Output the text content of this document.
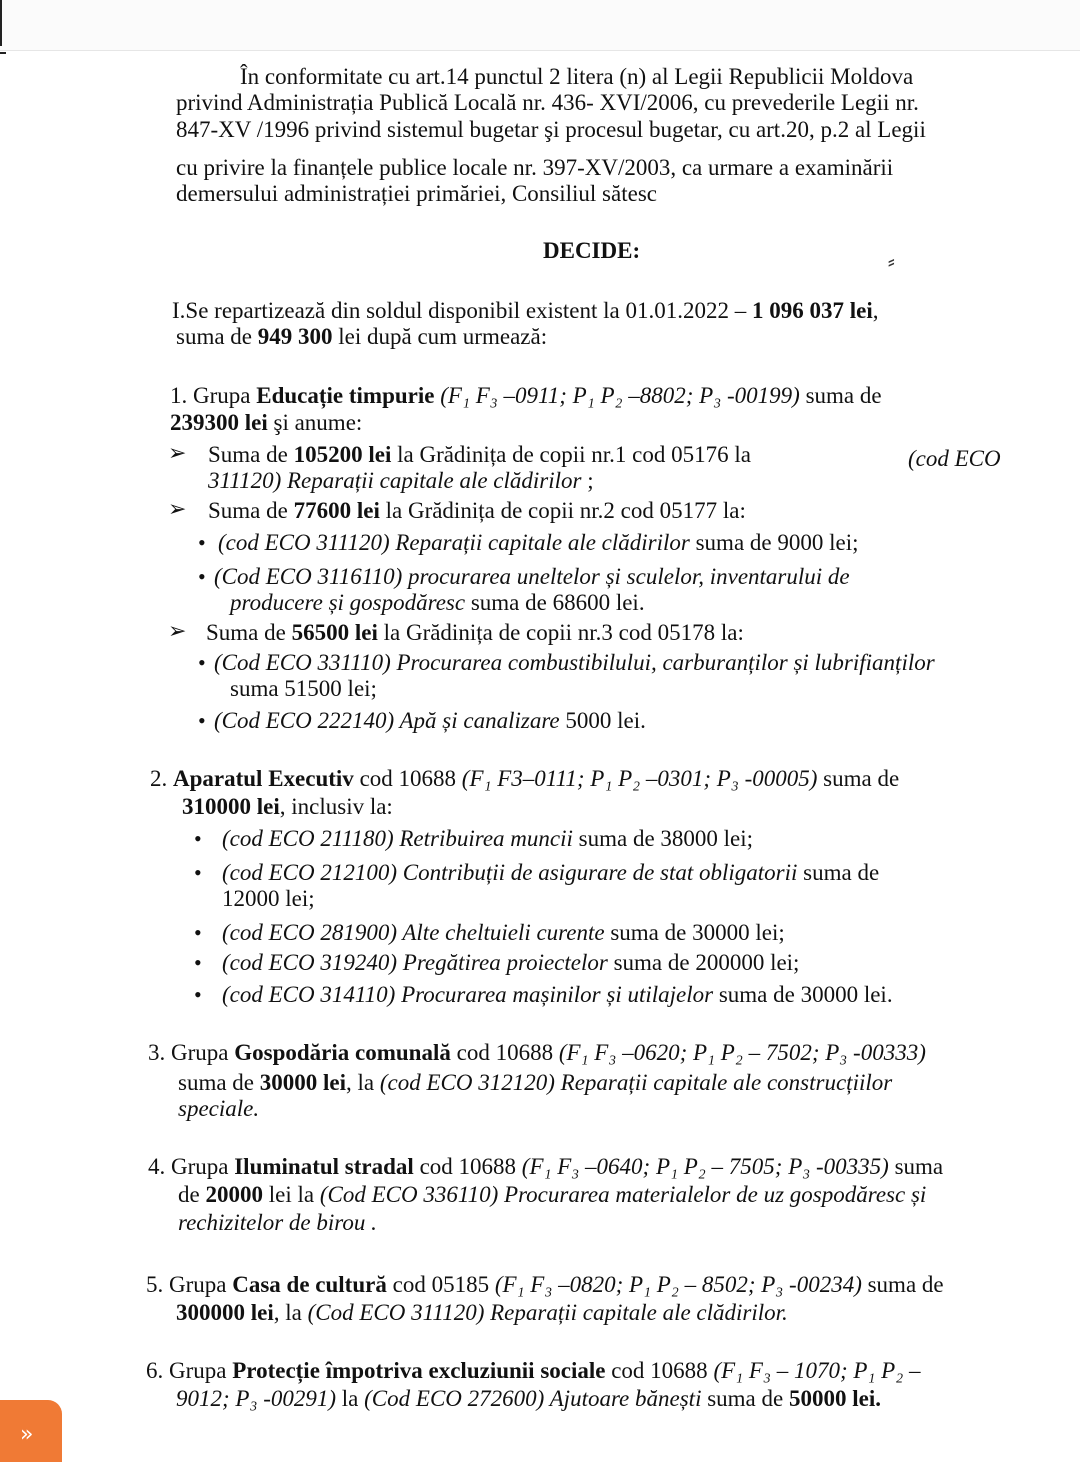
În conformitate cu art.14 punctul 2 litera (n) al Legii Republicii Moldova

privind Administrația Publică Locală nr. 436- XVI/2006, cu prevederile Legii nr.

847-XV /1996 privind sistemul bugetar şi procesul bugetar, cu art.20, p.2 al Legii

cu privire la finanțele publice locale nr. 397-XV/2003, ca urmare a examinării

demersului administrației primăriei, Consiliul sătesc

DECIDE:	⸗

I.Se repartizează din soldul disponibil existent la 01.01.2022 – 1 096 037 lei,

suma de 949 300 lei după cum urmează:

1. Grupa Educație timpurie (F₁ F₃ –0911; P₁ P₂ –8802; P₃ -00199) suma de

239300 lei şi anume:

➢ Suma de 105200 lei la Grădinița de copii nr.1 cod 05176 la	(cod ECO

311120) Reparații capitale ale clădirilor ;

➢ Suma de 77600 lei la Grădinița de copii nr.2 cod 05177 la:

• (cod ECO 311120) Reparații capitale ale clădirilor suma de 9000 lei;

• (Cod ECO 3116110) procurarea uneltelor și sculelor, inventarului de

producere și gospodăresc suma de 68600 lei.

➢ Suma de 56500 lei la Grădinița de copii nr.3 cod 05178 la:

• (Cod ECO 331110) Procurarea combustibilului, carburanților și lubrifianților

suma 51500 lei;

• (Cod ECO 222140) Apă și canalizare 5000 lei.

2. Aparatul Executiv cod 10688 (F₁ F3–0111; P₁ P₂ –0301; P₃ -00005) suma de

310000 lei, inclusiv la:

• (cod ECO 211180) Retribuirea muncii suma de 38000 lei;

• (cod ECO 212100) Contribuții de asigurare de stat obligatorii suma de

12000 lei;

• (cod ECO 281900) Alte cheltuieli curente suma de 30000 lei;

• (cod ECO 319240) Pregătirea proiectelor suma de 200000 lei;

• (cod ECO 314110) Procurarea mașinilor și utilajelor suma de 30000 lei.

3. Grupa Gospodăria comunală cod 10688 (F₁ F₃ –0620; P₁ P₂ – 7502; P₃ -00333)

suma de 30000 lei, la (cod ECO 312120) Reparații capitale ale construcțiilor

speciale.

4. Grupa Iluminatul stradal cod 10688 (F₁ F₃ –0640; P₁ P₂ – 7505; P₃ -00335) suma

de 20000 lei la (Cod ECO 336110) Procurarea materialelor de uz gospodăresc și

rechizitelor de birou .

5. Grupa Casa de cultură cod 05185 (F₁ F₃ –0820; P₁ P₂ – 8502; P₃ -00234) suma de

300000 lei, la (Cod ECO 311120) Reparații capitale ale clădirilor.

6. Grupa Protecție împotriva excluziunii sociale cod 10688 (F₁ F₃ – 1070; P₁ P₂ –

9012; P₃ -00291) la (Cod ECO 272600) Ajutoare bănești suma de 50000 lei.

»
